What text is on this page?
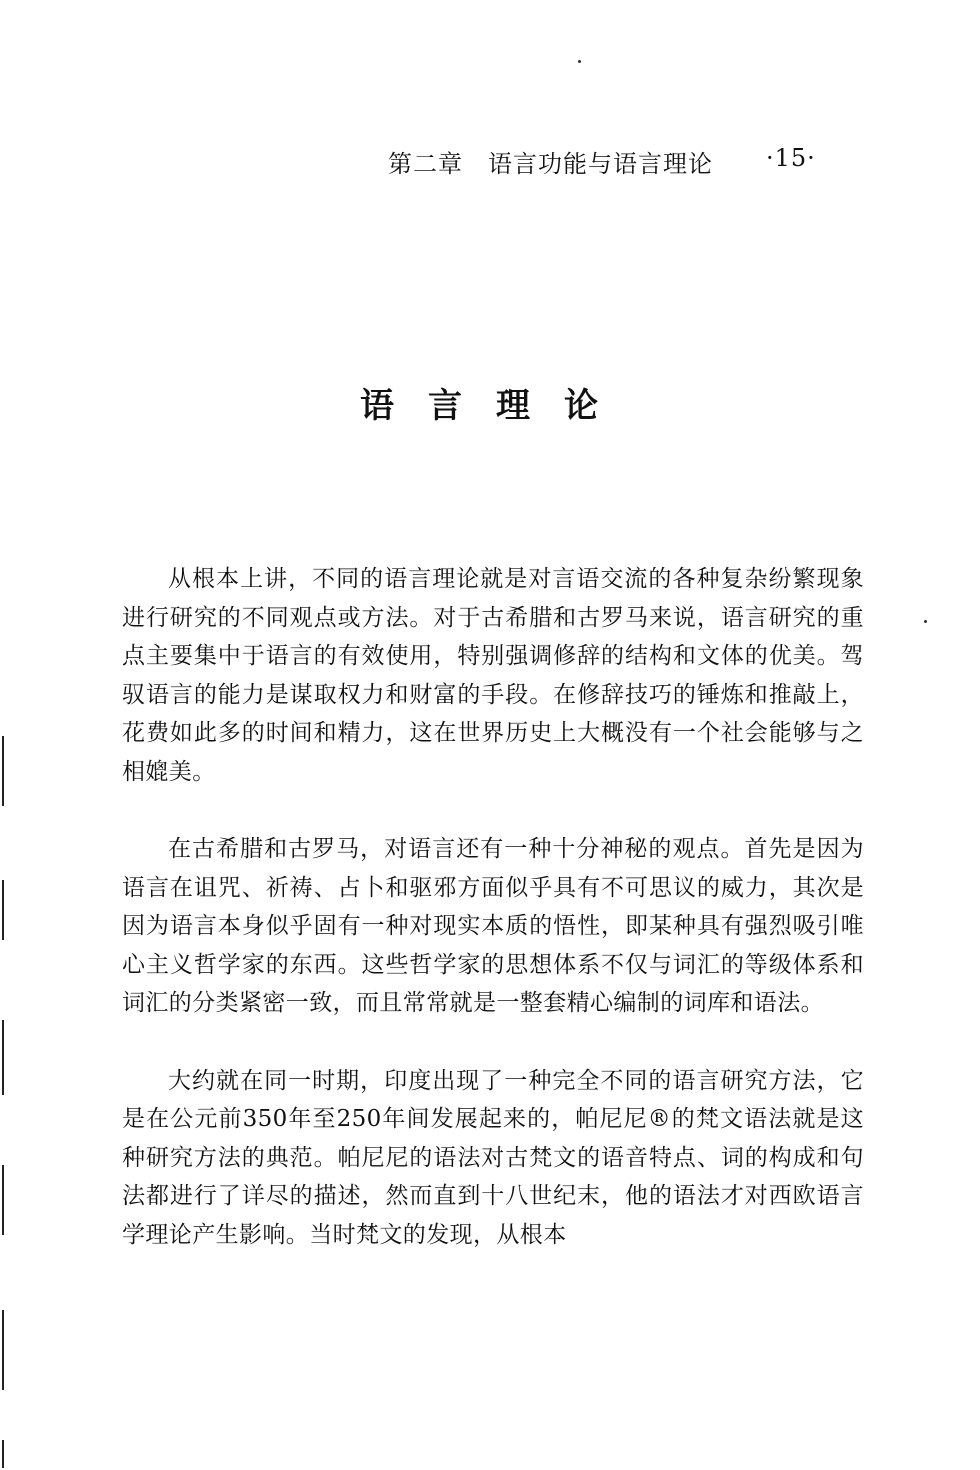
第二章　语言功能与语言理论 ·15·
语言理论

从根本上讲，不同的语言理论就是对言语交流的各种复杂纷繁现象进行研究的不同观点或方法。对于古希腊和古罗马来说，语言研究的重点主要集中于语言的有效使用，特别强调修辞的结构和文体的优美。驾驭语言的能力是谋取权力和财富的手段。在修辞技巧的锤炼和推敲上，花费如此多的时间和精力，这在世界历史上大概没有一个社会能够与之相媲美。

在古希腊和古罗马，对语言还有一种十分神秘的观点。首先是因为语言在诅咒、祈祷、占卜和驱邪方面似乎具有不可思议的威力，其次是因为语言本身似乎固有一种对现实本质的悟性，即某种具有强烈吸引唯心主义哲学家的东西。这些哲学家的思想体系不仅与词汇的等级体系和词汇的分类紧密一致，而且常常就是一整套精心编制的词库和语法。

大约就在同一时期，印度出现了一种完全不同的语言研究方法，它是在公元前350年至250年间发展起来的，帕尼尼®的梵文语法就是这种研究方法的典范。帕尼尼的语法对古梵文的语音特点、词的构成和句法都进行了详尽的描述，然而直到十八世纪末，他的语法才对西欧语言学理论产生影响。当时梵文的发现，从根本
